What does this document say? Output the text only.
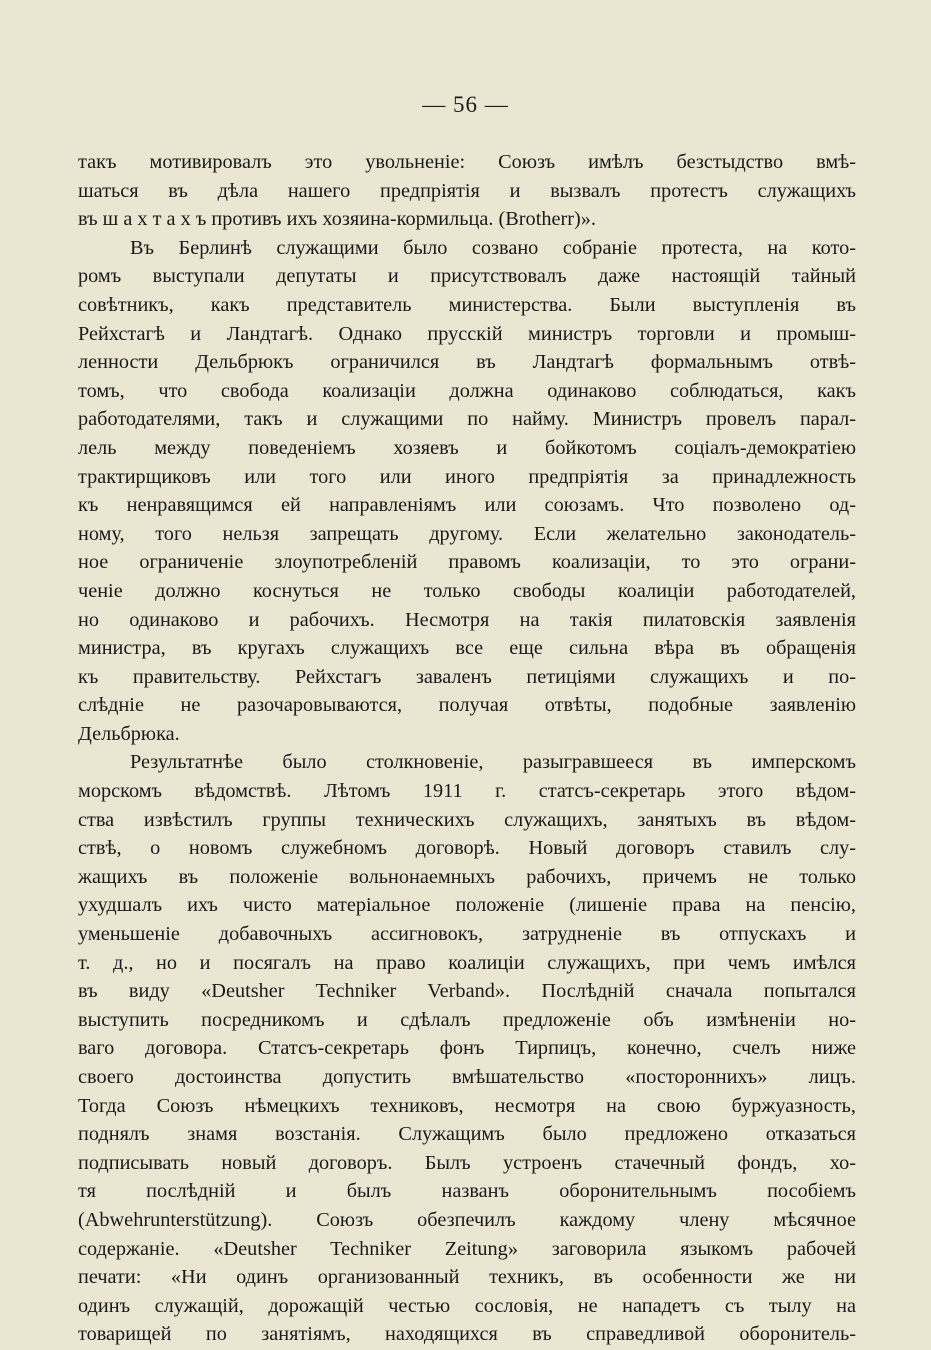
— 56 —
такъ мотивировалъ это увольненіе: Союзъ имѣлъ безстыдство вмѣ-
шаться въ дѣла нашего предпріятія и вызвалъ протестъ служащихъ
въ ш а х т а х ъ противъ ихъ хозяина-кормильца. (Brotherr)».
Въ Берлинѣ служащими было созвано собраніе протеста, на кото-
ромъ выступали депутаты и присутствовалъ даже настоящій тайный
совѣтникъ, какъ представитель министерства. Были выступленія въ
Рейхстагѣ и Ландтагѣ. Однако прусскій министръ торговли и промыш-
ленности Дельбрюкъ ограничился въ Ландтагѣ формальнымъ отвѣ-
томъ, что свобода коализаціи должна одинаково соблюдаться, какъ
работодателями, такъ и служащими по найму. Министръ провелъ парал-
лель между поведеніемъ хозяевъ и бойкотомъ соціалъ-демократіею
трактирщиковъ или того или иного предпріятія за принадлежность
къ ненравящимся ей направленіямъ или союзамъ. Что позволено од-
ному, того нельзя запрещать другому. Если желательно законодатель-
ное ограниченіе злоупотребленій правомъ коализаціи, то это ограни-
ченіе должно коснуться не только свободы коалиціи работодателей,
но одинаково и рабочихъ. Несмотря на такія пилатовскія заявленія
министра, въ кругахъ служащихъ все еще сильна вѣра въ обращенія
къ правительству. Рейхстагъ заваленъ петиціями служащихъ и по-
слѣдніе не разочаровываются, получая отвѣты, подобные заявленію
Дельбрюка.
Результатнѣе было столкновеніе, разыгравшееся въ имперскомъ
морскомъ вѣдомствѣ. Лѣтомъ 1911 г. статсъ-секретарь этого вѣдом-
ства извѣстилъ группы техническихъ служащихъ, занятыхъ въ вѣдом-
ствѣ, о новомъ служебномъ договорѣ. Новый договоръ ставилъ слу-
жащихъ въ положеніе вольнонаемныхъ рабочихъ, причемъ не только
ухудшалъ ихъ чисто матеріальное положеніе (лишеніе права на пенсію,
уменьшеніе добавочныхъ ассигновокъ, затрудненіе въ отпускахъ и
т. д., но и посягалъ на право коалиціи служащихъ, при чемъ имѣлся
въ виду «Deutsher Techniker Verband». Послѣдній сначала попытался
выступить посредникомъ и сдѣлалъ предложеніе объ измѣненіи но-
ваго договора. Статсъ-секретарь фонъ Тирпицъ, конечно, счелъ ниже
своего достоинства допустить вмѣшательство «постороннихъ» лицъ.
Тогда Союзъ нѣмецкихъ техниковъ, несмотря на свою буржуазность,
поднялъ знамя возстанія. Служащимъ было предложено отказаться
подписывать новый договоръ. Былъ устроенъ стачечный фондъ, хо-
тя послѣдній и былъ названъ оборонительнымъ пособіемъ
(Abwehrunterstützung). Союзъ обезпечилъ каждому члену мѣсячное
содержаніе. «Deutsher Techniker Zeitung» заговорила языкомъ рабочей
печати: «Ни одинъ организованный техникъ, въ особенности же ни
одинъ служащій, дорожащій честью сословія, не нападетъ съ тылу на
товарищей по занятіямъ, находящихся въ справедливой оборонитель-
